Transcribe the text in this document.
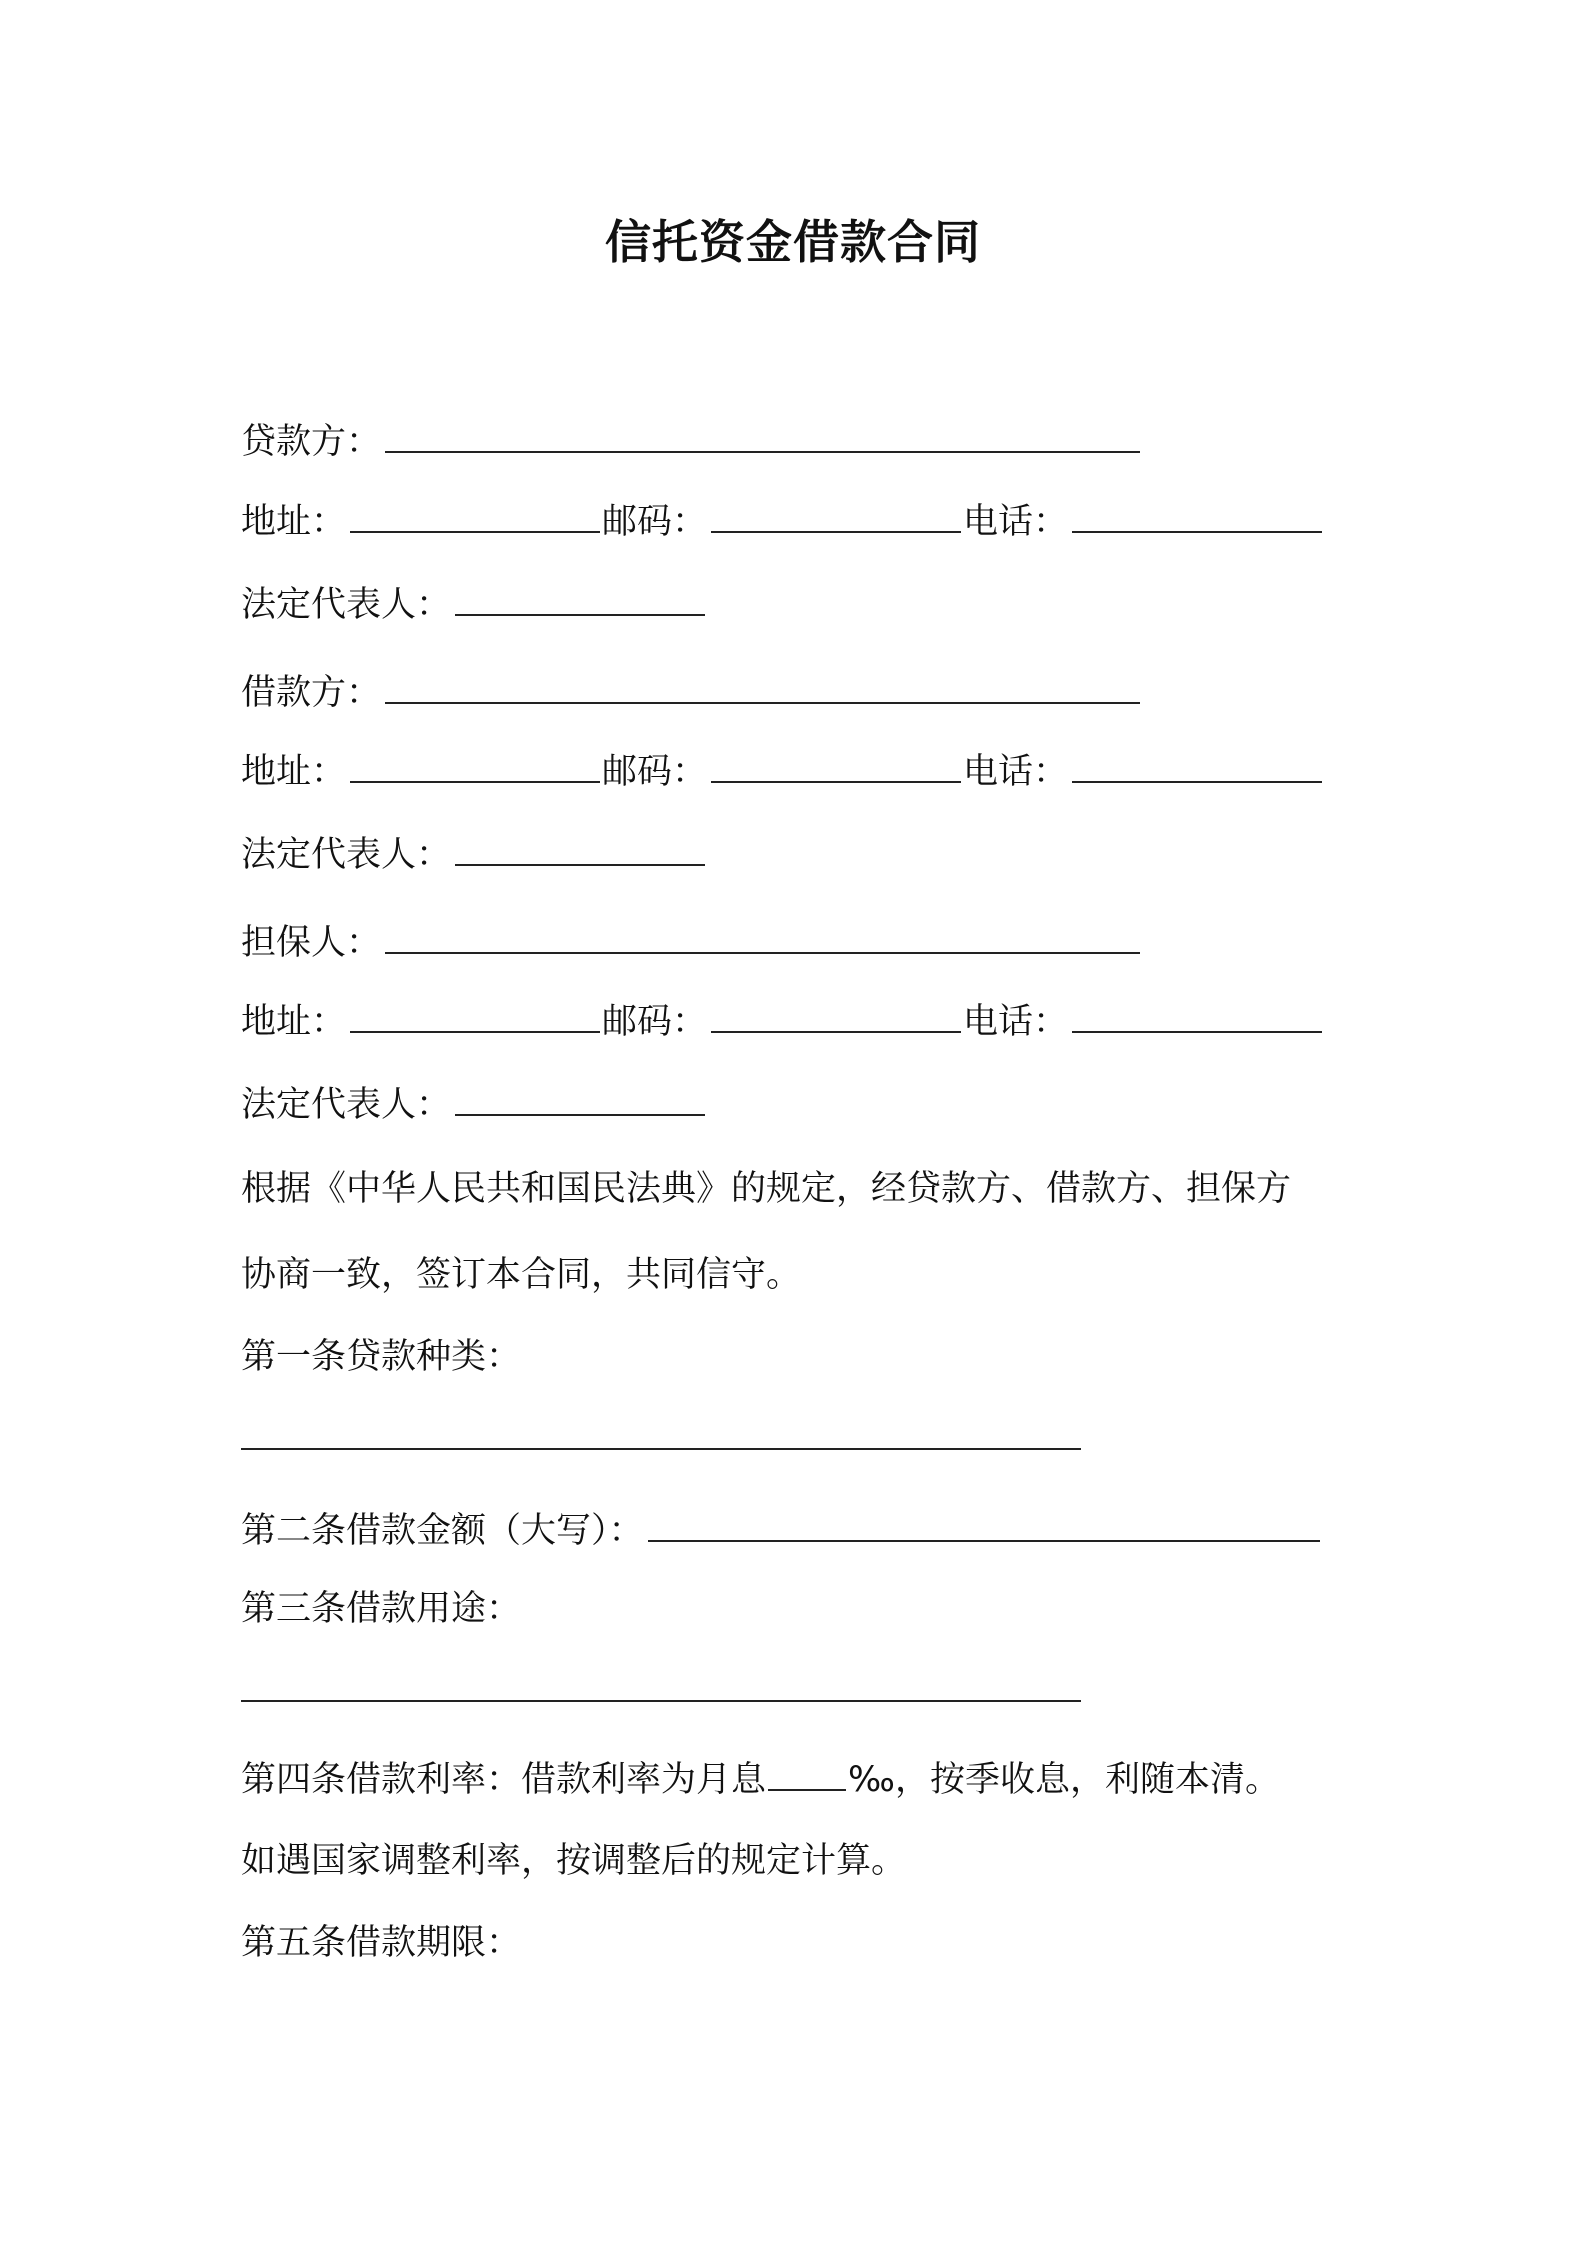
信托资金借款合同
贷款方：
地址：	邮码：	电话：
法定代表人：
借款方：
地址：	邮码：	电话：
法定代表人：
担保人：
地址：	邮码：	电话：
法定代表人：
根据《中华人民共和国民法典》的规定，经贷款方、借款方、担保方
协商一致，签订本合同，共同信守。
第一条贷款种类：
第二条借款金额（大写）：
第三条借款用途：
第四条借款利率：借款利率为月息 ‰，按季收息，利随本清。
如遇国家调整利率，按调整后的规定计算。
第五条借款期限：
